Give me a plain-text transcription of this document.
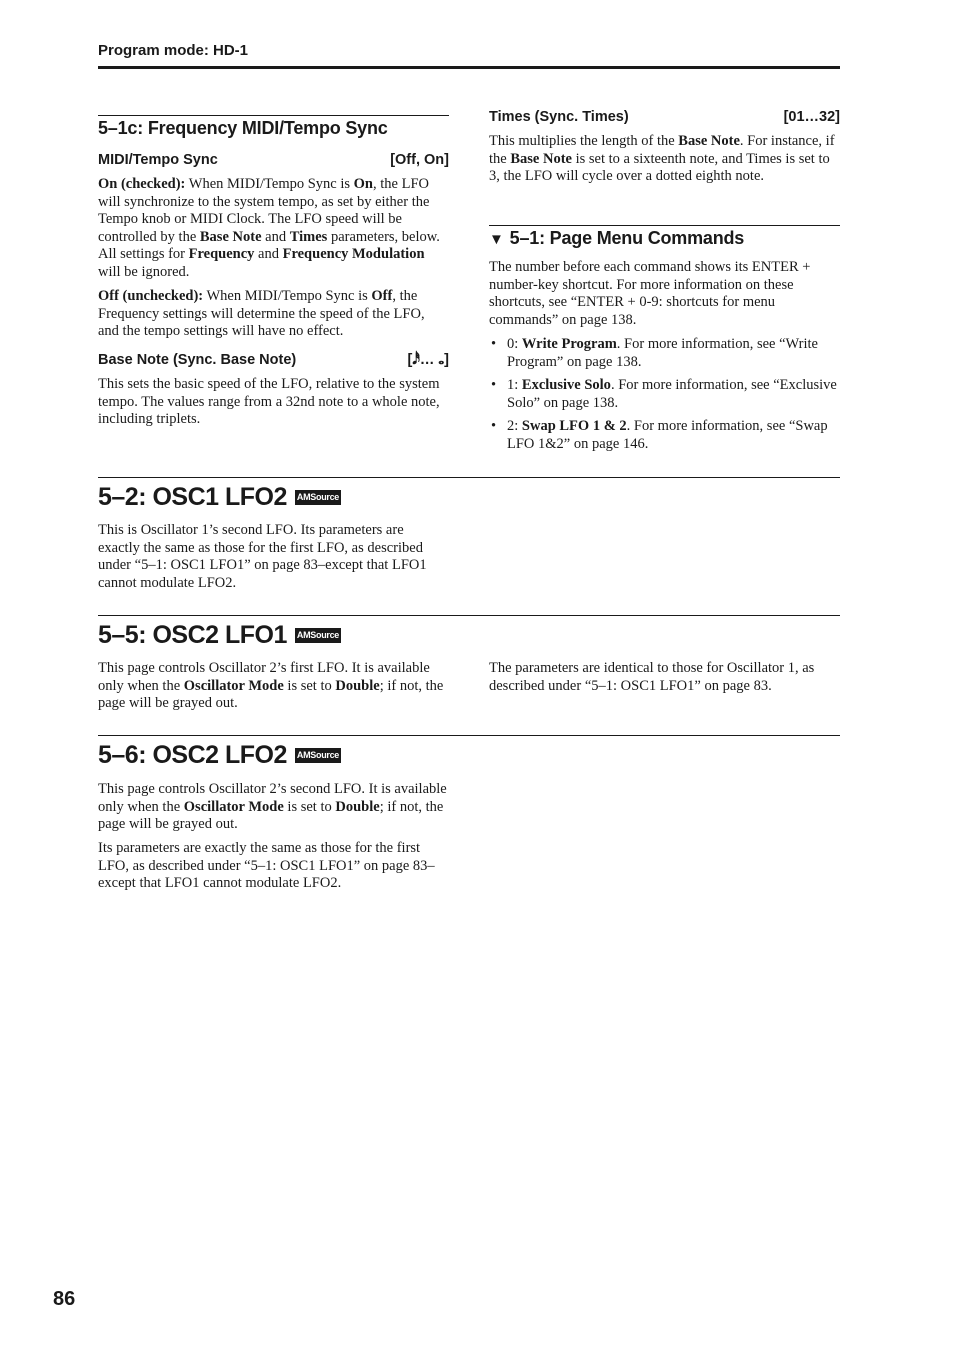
Program mode: HD-1
5–1c: Frequency MIDI/Tempo Sync
MIDI/Tempo Sync	[Off, On]

On (checked): When MIDI/Tempo Sync is On, the LFO will synchronize to the system tempo, as set by either the Tempo knob or MIDI Clock. The LFO speed will be controlled by the Base Note and Times parameters, below. All settings for Frequency and Frequency Modulation will be ignored.

Off (unchecked): When MIDI/Tempo Sync is Off, the Frequency settings will determine the speed of the LFO, and the tempo settings will have no effect.

Base Note (Sync. Base Note)	[𝅘𝅥𝅰… 𝅝]

This sets the basic speed of the LFO, relative to the system tempo. The values range from a 32nd note to a whole note, including triplets.

Times (Sync. Times)	[01…32]

This multiplies the length of the Base Note. For instance, if the Base Note is set to a sixteenth note, and Times is set to 3, the LFO will cycle over a dotted eighth note.

▼ 5–1: Page Menu Commands

The number before each command shows its ENTER + number-key shortcut. For more information on these shortcuts, see “ENTER + 0-9: shortcuts for menu commands” on page 138.

• 0: Write Program. For more information, see “Write Program” on page 138.
• 1: Exclusive Solo. For more information, see “Exclusive Solo” on page 138.
• 2: Swap LFO 1 & 2. For more information, see “Swap LFO 1&2” on page 146.
5–2: OSC1 LFO2 AMSource

This is Oscillator 1’s second LFO. Its parameters are exactly the same as those for the first LFO, as described under “5–1: OSC1 LFO1” on page 83–except that LFO1 cannot modulate LFO2.

5–5: OSC2 LFO1 AMSource

This page controls Oscillator 2’s first LFO. It is available only when the Oscillator Mode is set to Double; if not, the page will be grayed out.

The parameters are identical to those for Oscillator 1, as described under “5–1: OSC1 LFO1” on page 83.

5–6: OSC2 LFO2 AMSource

This page controls Oscillator 2’s second LFO. It is available only when the Oscillator Mode is set to Double; if not, the page will be grayed out.

Its parameters are exactly the same as those for the first LFO, as described under “5–1: OSC1 LFO1” on page 83–except that LFO1 cannot modulate LFO2.

86
